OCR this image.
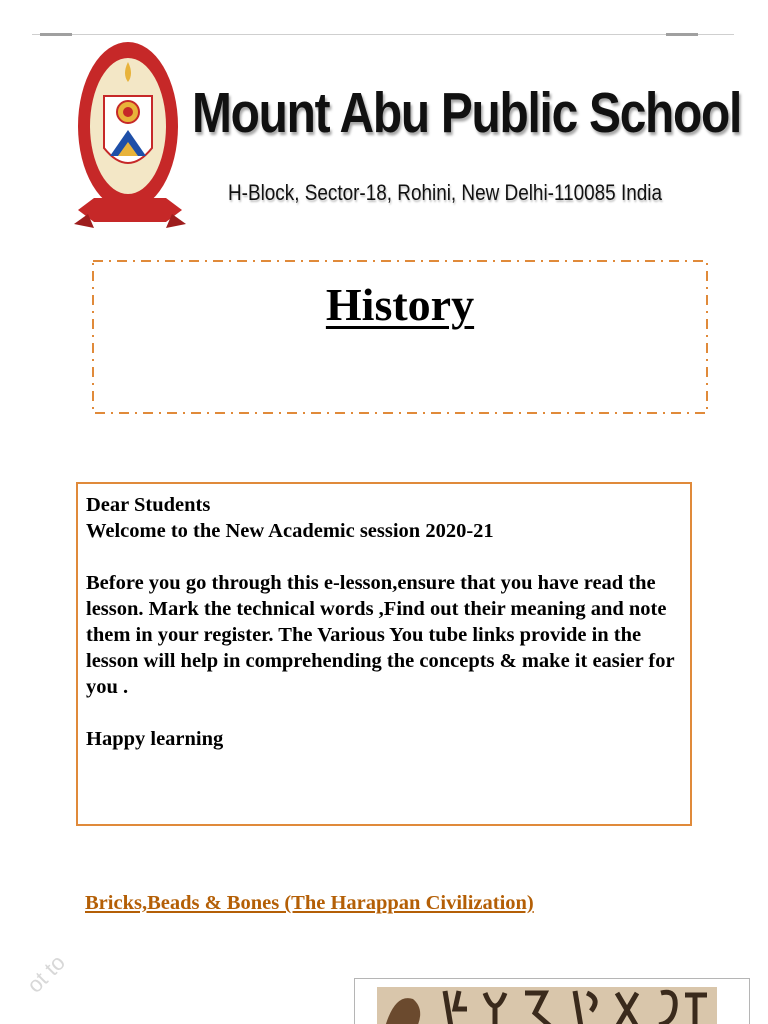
Mount Abu Public School
H-Block, Sector-18, Rohini, New Delhi-110085 India
History

Dear Students

Welcome to the New Academic session 2020-21

Before you go through this e-lesson,ensure that you have read the lesson. Mark the technical words ,Find out their meaning and note them in your register. The Various You tube links provide in the lesson will help in comprehending the concepts & make it easier for you .

Happy learning

Bricks,Beads & Bones (The Harappan Civilization)
ot to
